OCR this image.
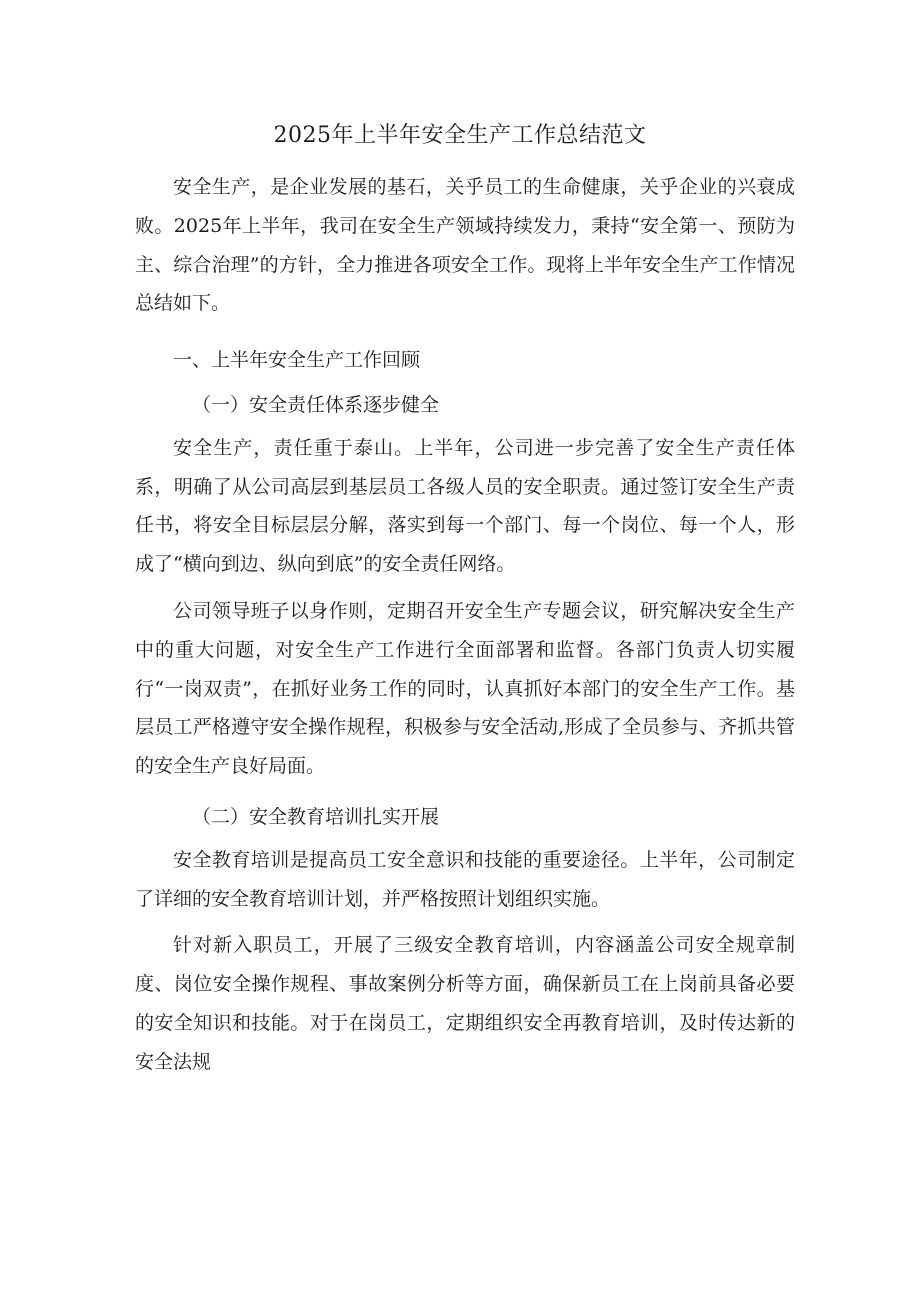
2025年上半年安全生产工作总结范文

安全生产，是企业发展的基石，关乎员工的生命健康，关乎企业的兴衰成败。2025年上半年，我司在安全生产领域持续发力，秉持“安全第一、预防为主、综合治理”的方针，全力推进各项安全工作。现将上半年安全生产工作情况总结如下。

一、上半年安全生产工作回顾

（一）安全责任体系逐步健全

安全生产，责任重于泰山。上半年，公司进一步完善了安全生产责任体系，明确了从公司高层到基层员工各级人员的安全职责。通过签订安全生产责任书，将安全目标层层分解，落实到每一个部门、每一个岗位、每一个人，形成了“横向到边、纵向到底”的安全责任网络。

公司领导班子以身作则，定期召开安全生产专题会议，研究解决安全生产中的重大问题，对安全生产工作进行全面部署和监督。各部门负责人切实履行“一岗双责”，在抓好业务工作的同时，认真抓好本部门的安全生产工作。基层员工严格遵守安全操作规程，积极参与安全活动,形成了全员参与、齐抓共管的安全生产良好局面。

（二）安全教育培训扎实开展

安全教育培训是提高员工安全意识和技能的重要途径。上半年，公司制定了详细的安全教育培训计划，并严格按照计划组织实施。

针对新入职员工，开展了三级安全教育培训，内容涵盖公司安全规章制度、岗位安全操作规程、事故案例分析等方面，确保新员工在上岗前具备必要的安全知识和技能。对于在岗员工，定期组织安全再教育培训，及时传达新的安全法规
